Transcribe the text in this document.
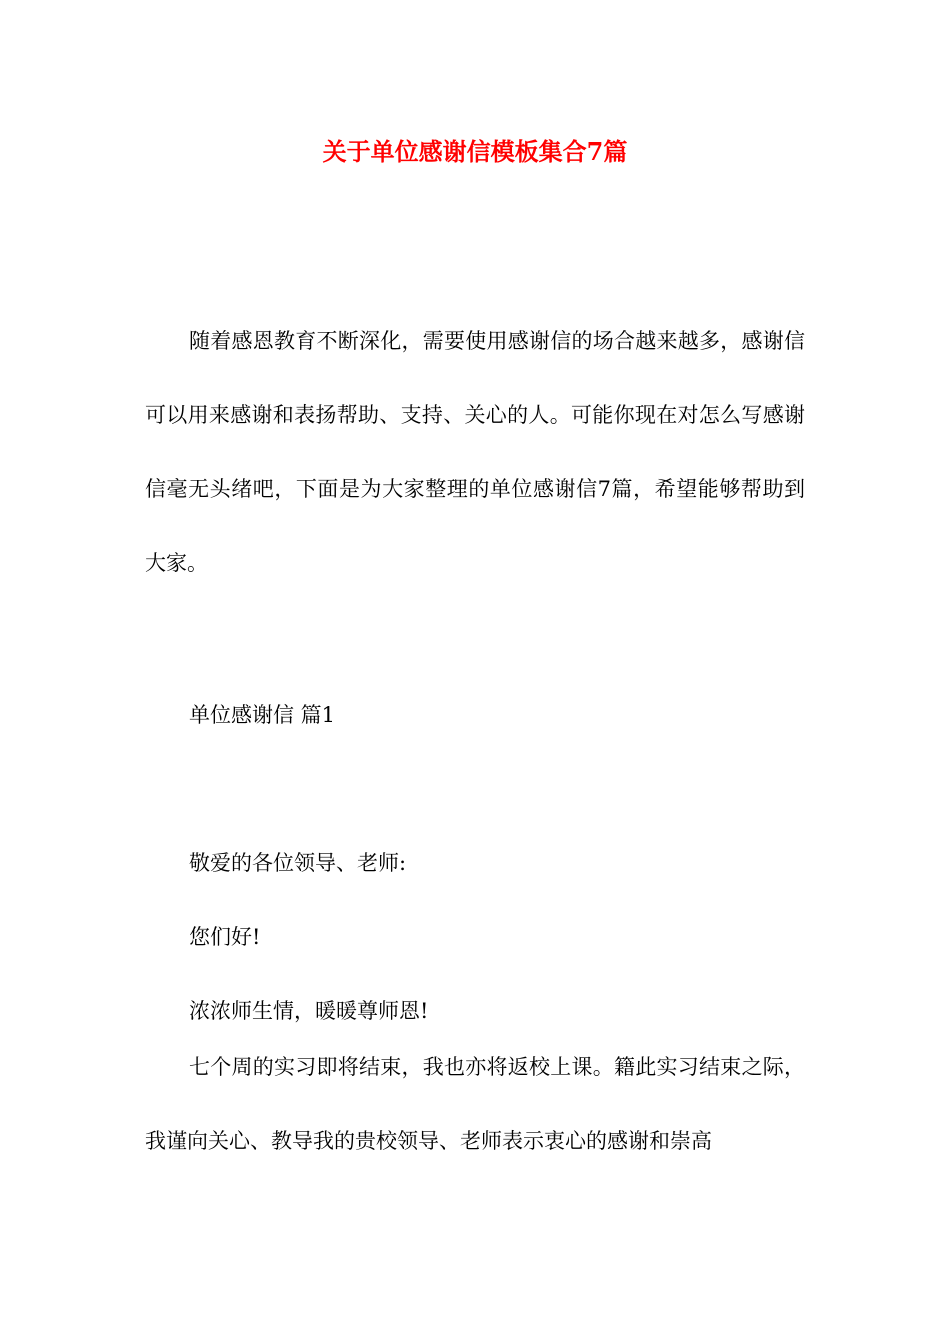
关于单位感谢信模板集合7篇

随着感恩教育不断深化，需要使用感谢信的场合越来越多，感谢信可以用来感谢和表扬帮助、支持、关心的人。可能你现在对怎么写感谢信毫无头绪吧，下面是为大家整理的单位感谢信7篇，希望能够帮助到大家。

单位感谢信 篇1

敬爱的各位领导、老师:

您们好!

浓浓师生情，暖暖尊师恩!

七个周的实习即将结束，我也亦将返校上课。籍此实习结束之际，我谨向关心、教导我的贵校领导、老师表示衷心的感谢和崇高
